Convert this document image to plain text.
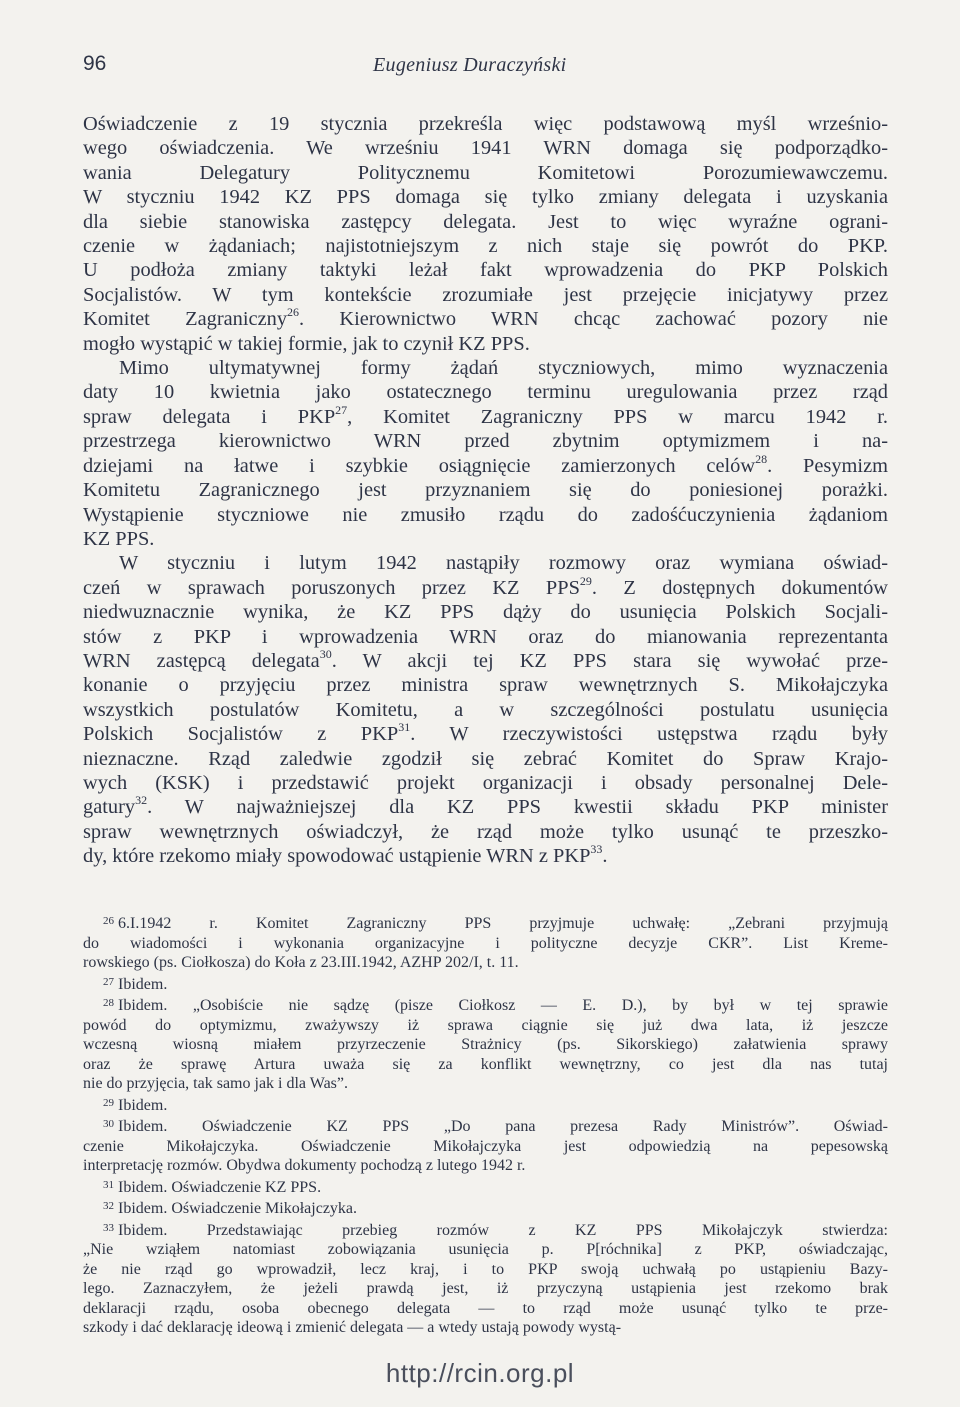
96	Eugeniusz Duraczyński

Oświadczenie z 19 stycznia przekreśla więc podstawową myśl wrześnio-
wego oświadczenia. We wrześniu 1941 WRN domaga się podporządko-
wania Delegatury Politycznemu Komitetowi Porozumiewawczemu.
W styczniu 1942 KZ PPS domaga się tylko zmiany delegata i uzyskania
dla siebie stanowiska zastępcy delegata. Jest to więc wyraźne ograni-
czenie w żądaniach; najistotniejszym z nich staje się powrót do PKP.
U podłoża zmiany taktyki leżał fakt wprowadzenia do PKP Polskich
Socjalistów. W tym kontekście zrozumiałe jest przejęcie inicjatywy przez
Komitet Zagraniczny$^{26}$. Kierownictwo WRN chcąc zachować pozory nie
mogło wystąpić w takiej formie, jak to czynił KZ PPS.

Mimo ultymatywnej formy żądań styczniowych, mimo wyznaczenia
daty 10 kwietnia jako ostatecznego terminu uregulowania przez rząd
spraw delegata i PKP$^{27}$, Komitet Zagraniczny PPS w marcu 1942 r.
przestrzega kierownictwo WRN przed zbytnim optymizmem i na-
dziejami na łatwe i szybkie osiągnięcie zamierzonych celów$^{28}$. Pesymizm
Komitetu Zagranicznego jest przyznaniem się do poniesionej porażki.
Wystąpienie styczniowe nie zmusiło rządu do zadośćuczynienia żądaniom
KZ PPS.

W styczniu i lutym 1942 nastąpiły rozmowy oraz wymiana oświad-
czeń w sprawach poruszonych przez KZ PPS$^{29}$. Z dostępnych dokumentów
niedwuznacznie wynika, że KZ PPS dąży do usunięcia Polskich Socjali-
stów z PKP i wprowadzenia WRN oraz do mianowania reprezentanta
WRN zastępcą delegata$^{30}$. W akcji tej KZ PPS stara się wywołać prze-
konanie o przyjęciu przez ministra spraw wewnętrznych S. Mikołajczyka
wszystkich postulatów Komitetu, a w szczególności postulatu usunięcia
Polskich Socjalistów z PKP$^{31}$. W rzeczywistości ustępstwa rządu były
nieznaczne. Rząd zaledwie zgodził się zebrać Komitet do Spraw Krajo-
wych (KSK) i przedstawić projekt organizacji i obsady personalnej Dele-
gatury$^{32}$. W najważniejszej dla KZ PPS kwestii składu PKP minister
spraw wewnętrznych oświadczył, że rząd może tylko usunąć te przeszko-
dy, które rzekomo miały spowodować ustąpienie WRN z PKP$^{33}$.

$^{26}$ 6.I.1942 r. Komitet Zagraniczny PPS przyjmuje uchwałę: „Zebrani przyjmują
do wiadomości i wykonania organizacyjne i polityczne decyzje CKR”. List Kreme-
rowskiego (ps. Ciołkosza) do Koła z 23.III.1942, AZHP 202/I, t. 11.

$^{27}$ Ibidem.

$^{28}$ Ibidem. „Osobiście nie sądzę (pisze Ciołkosz — E. D.), by był w tej sprawie
powód do optymizmu, zważywszy iż sprawa ciągnie się już dwa lata, iż jeszcze
wczesną wiosną miałem przyrzeczenie Strażnicy (ps. Sikorskiego) załatwienia sprawy
oraz że sprawę Artura uważa się za konflikt wewnętrzny, co jest dla nas tutaj
nie do przyjęcia, tak samo jak i dla Was”.

$^{29}$ Ibidem.

$^{30}$ Ibidem. Oświadczenie KZ PPS „Do pana prezesa Rady Ministrów”. Oświad-
czenie Mikołajczyka. Oświadczenie Mikołajczyka jest odpowiedzią na pepesowską
interpretację rozmów. Obydwa dokumenty pochodzą z lutego 1942 r.

$^{31}$ Ibidem. Oświadczenie KZ PPS.

$^{32}$ Ibidem. Oświadczenie Mikołajczyka.

$^{33}$ Ibidem. Przedstawiając przebieg rozmów z KZ PPS Mikołajczyk stwierdza:
„Nie wziąłem natomiast zobowiązania usunięcia p. P[róchnika] z PKP, oświadczając,
że nie rząd go wprowadził, lecz kraj, i to PKP swoją uchwałą po ustąpieniu Bazy-
lego. Zaznaczyłem, że jeżeli prawdą jest, iż przyczyną ustąpienia jest rzekomo brak
deklaracji rządu, osoba obecnego delegata — to rząd może usunąć tylko te prze-
szkody i dać deklarację ideową i zmienić delegata — a wtedy ustają powody wystą-

http://rcin.org.pl
